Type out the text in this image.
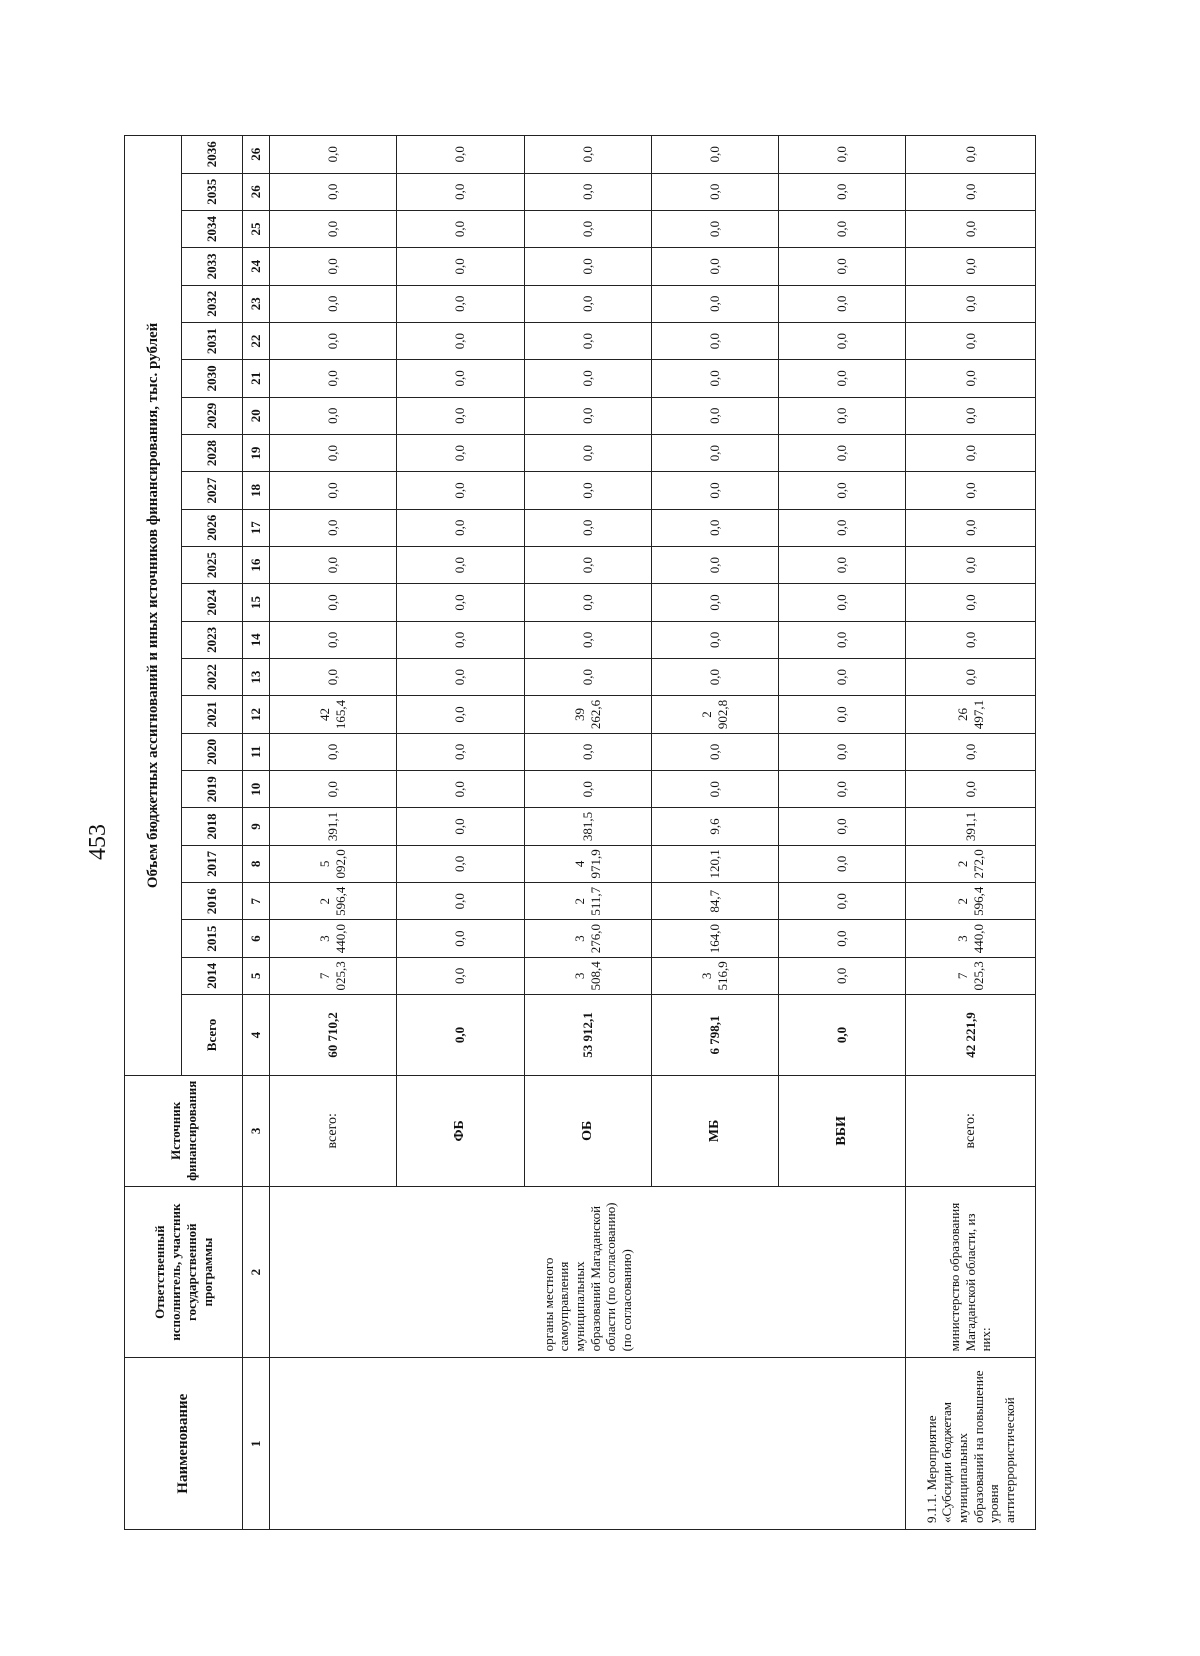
453
Наименование	Ответственный исполнитель, участник государственной программы	Источник финансирования	Объем бюджетных ассигнований и иных источников финансирования, тыс. рублей																							
			Всего	2014	2015	2016	2017	2018	2019	2020	2021	2022	2023	2024	2025	2026	2027	2028	2029	2030	2031	2032	2033	2034	2035	2036
1	2	3	4	5	6	7	8	9	10	11	12	13	14	15	16	17	18	19	20	21	22	23	24	25	26	26
	органы местного самоуправления муниципальных образований Магаданской области (по согласованию) (по согласованию)	всего:	60 710,2	7 025,3	3 440,0	2 596,4	5 092,0	391,1	0,0	0,0	42 165,4	0,0	0,0	0,0	0,0	0,0	0,0	0,0	0,0	0,0	0,0	0,0	0,0	0,0	0,0	0,0
		ФБ	0,0	0,0	0,0	0,0	0,0	0,0	0,0	0,0	0,0	0,0	0,0	0,0	0,0	0,0	0,0	0,0	0,0	0,0	0,0	0,0	0,0	0,0	0,0	0,0
		ОБ	53 912,1	3 508,4	3 276,0	2 511,7	4 971,9	381,5	0,0	0,0	39 262,6	0,0	0,0	0,0	0,0	0,0	0,0	0,0	0,0	0,0	0,0	0,0	0,0	0,0	0,0	0,0
		МБ	6 798,1	3 516,9	164,0	84,7	120,1	9,6	0,0	0,0	2 902,8	0,0	0,0	0,0	0,0	0,0	0,0	0,0	0,0	0,0	0,0	0,0	0,0	0,0	0,0	0,0
		ВБИ	0,0	0,0	0,0	0,0	0,0	0,0	0,0	0,0	0,0	0,0	0,0	0,0	0,0	0,0	0,0	0,0	0,0	0,0	0,0	0,0	0,0	0,0	0,0	0,0
9.1.1. Мероприятие «Субсидии бюджетам муниципальных образований на повышение уровня антитеррористической	министерство образования Магаданской области, из них:	всего:	42 221,9	7 025,3	3 440,0	2 596,4	2 272,0	391,1	0,0	0,0	26 497,1	0,0	0,0	0,0	0,0	0,0	0,0	0,0	0,0	0,0	0,0	0,0	0,0	0,0	0,0	0,0
